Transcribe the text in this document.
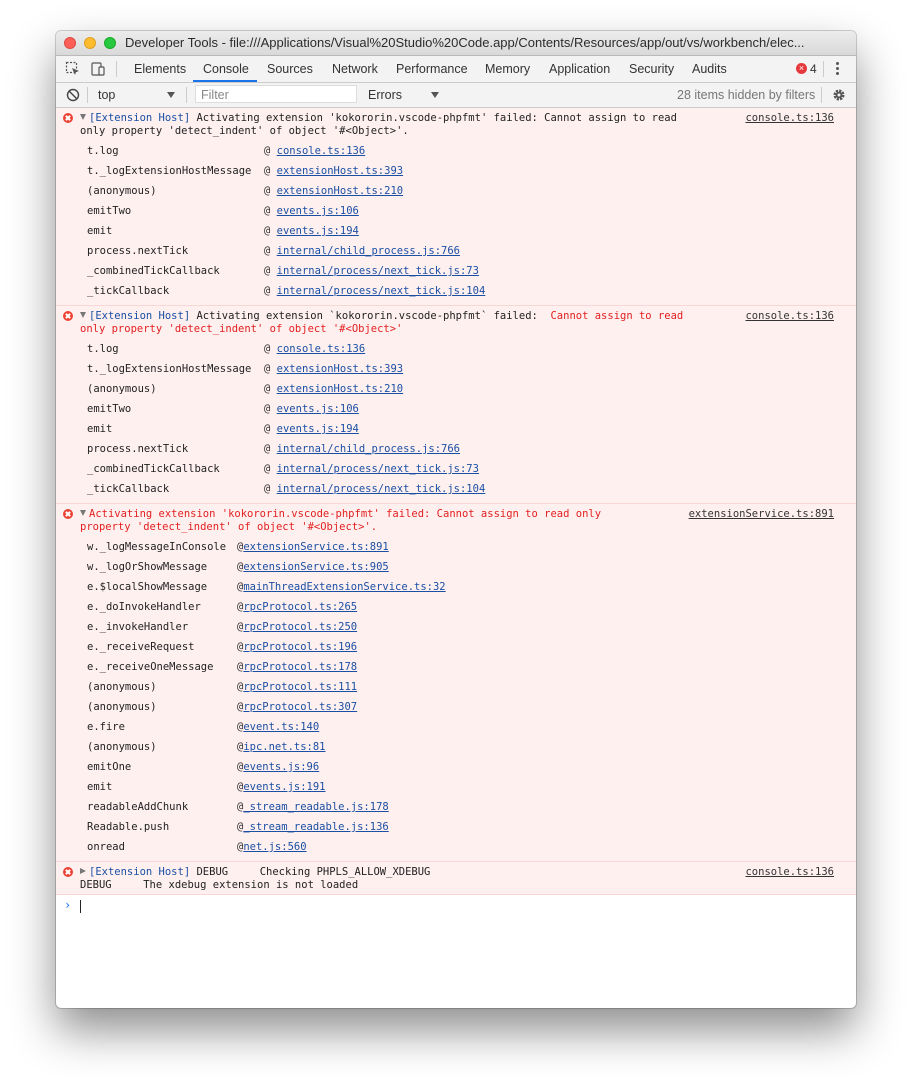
Developer Tools - file:///Applications/Visual%20Studio%20Code.app/Contents/Resources/app/out/vs/workbench/elec...
Elements Console Sources Network Performance Memory Application Security Audits	× 4
top	Filter	Errors	28 items hidden by filters
[Extension Host] Activating extension 'kokororin.vscode-phpfmt' failed: Cannot assign to read
only property 'detect_indent' of object '#<Object>'.
console.ts:136
t.log	@ console.ts:136
t._logExtensionHostMessage @ extensionHost.ts:393
(anonymous)	@ extensionHost.ts:210
emitTwo	@ events.js:106
emit	@ events.js:194
process.nextTick	@ internal/child_process.js:766
_combinedTickCallback	@ internal/process/next_tick.js:73
_tickCallback	@ internal/process/next_tick.js:104
[Extension Host] Activating extension `kokororin.vscode-phpfmt` failed:  Cannot assign to read
only property 'detect_indent' of object '#<Object>'
console.ts:136
t.log	@ console.ts:136
t._logExtensionHostMessage @ extensionHost.ts:393
(anonymous)	@ extensionHost.ts:210
emitTwo	@ events.js:106
emit	@ events.js:194
process.nextTick	@ internal/child_process.js:766
_combinedTickCallback	@ internal/process/next_tick.js:73
_tickCallback	@ internal/process/next_tick.js:104
Activating extension 'kokororin.vscode-phpfmt' failed: Cannot assign to read only
property 'detect_indent' of object '#<Object>'.
extensionService.ts:891
w._logMessageInConsole @extensionService.ts:891
w._logOrShowMessage	@extensionService.ts:905
e.$localShowMessage	@mainThreadExtensionService.ts:32
e._doInvokeHandler	@rpcProtocol.ts:265
e._invokeHandler	@rpcProtocol.ts:250
e._receiveRequest	@rpcProtocol.ts:196
e._receiveOneMessage @rpcProtocol.ts:178
(anonymous)	@rpcProtocol.ts:111
(anonymous)	@rpcProtocol.ts:307
e.fire	@event.ts:140
(anonymous)	@ipc.net.ts:81
emitOne	@events.js:96
emit	@events.js:191
readableAddChunk	@_stream_readable.js:178
Readable.push	@_stream_readable.js:136
onread	@net.js:560
[Extension Host] DEBUG     Checking PHPLS_ALLOW_XDEBUG
DEBUG     The xdebug extension is not loaded
console.ts:136
›
